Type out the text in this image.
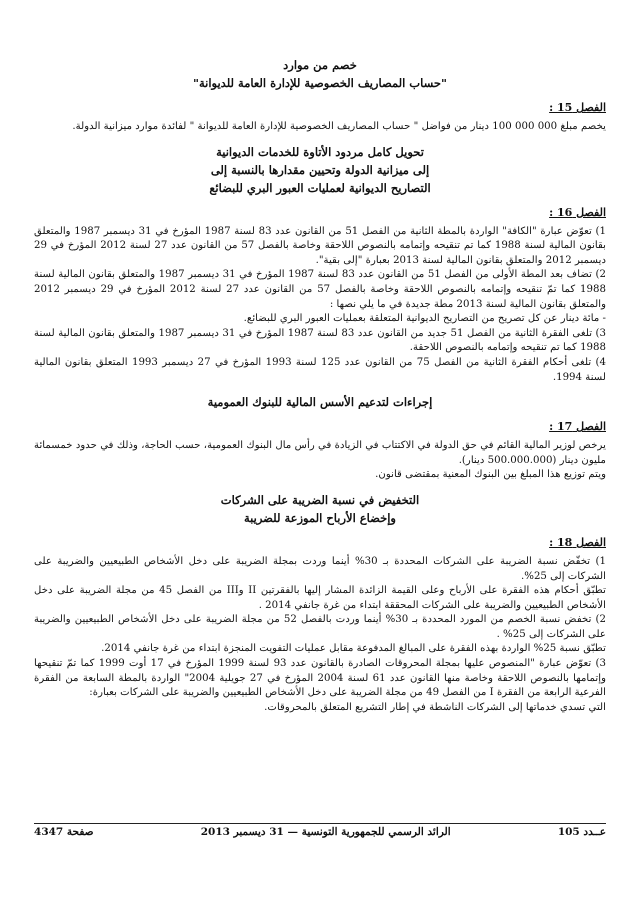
خصم من موارد

"حساب المصاريف الخصوصية للإدارة العامة للديوانة"

الفصل 15 :

يخصم مبلغ 000 000 100 دينار من فواضل " حساب المصاريف الخصوصية للإدارة العامة للديوانة " لفائدة موارد ميزانية الدولة.

تحويل كامل مردود الأتاوة للخدمات الديوانية

إلى ميزانية الدولة وتحيين مقدارها بالنسبة إلى

التصاريح الديوانية لعمليات العبور البري للبضائع

الفصل 16 :

1) تعوّض عبارة "الكافة" الواردة بالمطة الثانية من الفصل 51 من القانون عدد 83 لسنة 1987 المؤرخ في 31 ديسمبر 1987 والمتعلق بقانون المالية لسنة 1988 كما تم تنقيحه وإتمامه بالنصوص اللاحقة وخاصة بالفصل 57 من القانون عدد 27 لسنة 2012 المؤرخ في 29 ديسمبر 2012 والمتعلق بقانون المالية لسنة 2013 بعبارة "إلى بقية".

2) تضاف بعد المطة الأولى من الفصل 51 من القانون عدد 83 لسنة 1987 المؤرخ في 31 ديسمبر 1987 والمتعلق بقانون المالية لسنة 1988 كما تمّ تنقيحه وإتمامه بالنصوص اللاحقة وخاصة بالفصل 57 من القانون عدد 27 لسنة 2012 المؤرخ في 29 ديسمبر 2012 والمتعلق بقانون المالية لسنة 2013 مطة جديدة في ما يلي نصها :

- مائة دينار عن كل تصريح من التصاريح الديوانية المتعلقة بعمليات العبور البري للبضائع.

3) تلغى الفقرة الثانية من الفصل 51 جديد من القانون عدد 83 لسنة 1987 المؤرخ في 31 ديسمبر 1987 والمتعلق بقانون المالية لسنة 1988 كما تم تنقيحه وإتمامه بالنصوص اللاحقة.

4) تلغى أحكام الفقرة الثانية من الفصل 75 من القانون عدد 125 لسنة 1993 المؤرخ في 27 ديسمبر 1993 المتعلق بقانون المالية لسنة 1994.

إجراءات لتدعيم الأسس المالية للبنوك العمومية

الفصل 17 :

يرخص لوزير المالية القائم في حق الدولة في الاكتتاب في الزيادة في رأس مال البنوك العمومية، حسب الحاجة، وذلك في حدود خمسمائة مليون دينار (500.000.000 دينار).

ويتم توزيع هذا المبلغ بين البنوك المعنية بمقتضى قانون.

التخفيض في نسبة الضريبة على الشركات

وإخضاع الأرباح الموزعة للضريبة

الفصل 18 :

1) تخفّض نسبة الضريبة على الشركات المحددة بـ 30% أينما وردت بمجلة الضريبة على دخل الأشخاص الطبيعيين والضريبة على الشركات إلى 25%.

تطبّق أحكام هذه الفقرة على الأرباح وعلى القيمة الزائدة المشار إليها بالفقرتين II وIII من الفصل 45 من مجلة الضريبة على دخل الأشخاص الطبيعيين والضريبة على الشركات المحققة ابتداء من غرة جانفي 2014 .

2) تخفض نسبة الخصم من المورد المحددة بـ 30% أينما وردت بالفصل 52 من مجلة الضريبة على دخل الأشخاص الطبيعيين والضريبة على الشركات إلى 25% .

تطبّق نسبة 25% الواردة بهذه الفقرة على المبالغ المدفوعة مقابل عمليات التفويت المنجزة ابتداء من غرة جانفي 2014.

3) تعوّض عبارة "المنصوص عليها بمجلة المحروقات الصادرة بالقانون عدد 93 لسنة 1999 المؤرخ في 17 أوت 1999 كما تمّ تنقيحها وإتمامها بالنصوص اللاحقة وخاصة منها القانون عدد 61 لسنة 2004 المؤرخ في 27 جويلية 2004" الواردة بالمطة السابعة من الفقرة الفرعية الرابعة من الفقرة I من الفصل 49 من مجلة الضريبة على دخل الأشخاص الطبيعيين والضريبة على الشركات بعبارة:

التي تسدي خدماتها إلى الشركات الناشطة في إطار التشريع المتعلق بالمحروقات.

عــدد 105
الرائد الرسمي للجمهورية التونسية — 31 ديسمبر 2013
صفحة 4347
